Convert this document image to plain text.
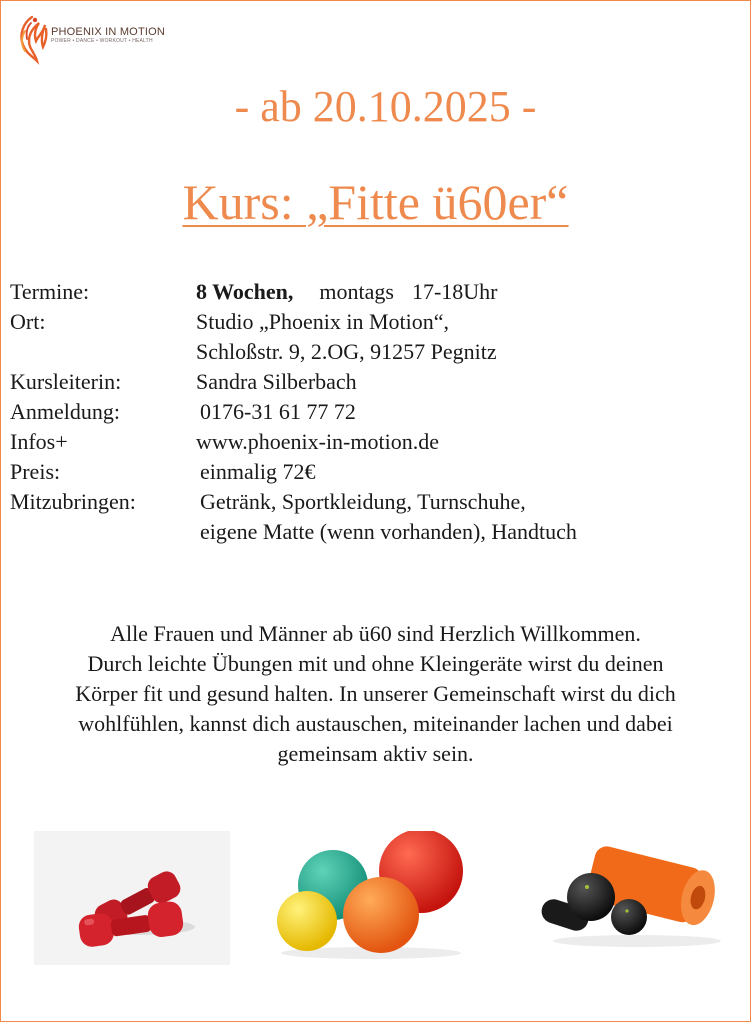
PHOENIX IN MOTION
POWER • DANCE • WORKOUT • HEALTH
- ab 20.10.2025 -
Kurs: „Fitte ü60er“
Termine:	8 Wochen, montags 17-18Uhr
Ort:	Studio „Phoenix in Motion“,
Schloßstr. 9, 2.OG, 91257 Pegnitz
Kursleiterin:	Sandra Silberbach
Anmeldung:	0176-31 61 77 72
Infos+	www.phoenix-in-motion.de
Preis:	einmalig 72€
Mitzubringen:	Getränk, Sportkleidung, Turnschuhe,
eigene Matte (wenn vorhanden), Handtuch
Alle Frauen und Männer ab ü60 sind Herzlich Willkommen.
Durch leichte Übungen mit und ohne Kleingeräte wirst du deinen
Körper fit und gesund halten. In unserer Gemeinschaft wirst du dich
wohlfühlen, kannst dich austauschen, miteinander lachen und dabei
gemeinsam aktiv sein.
